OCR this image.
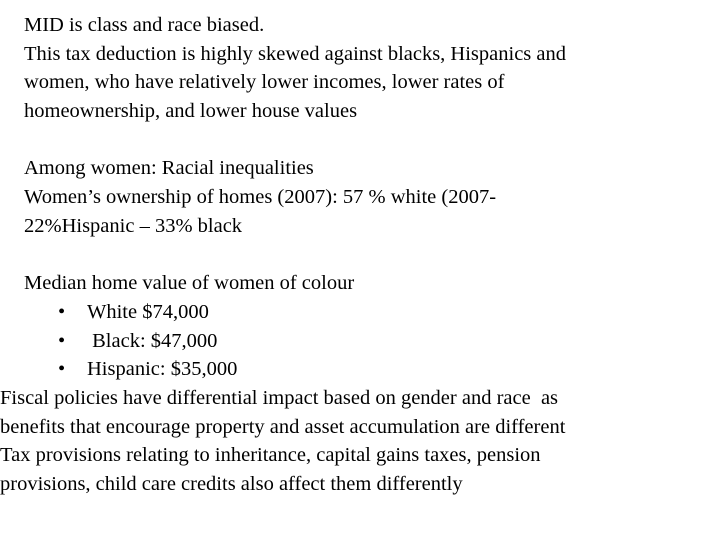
MID is class and race biased.
This tax deduction is highly skewed against blacks, Hispanics and
women, who have relatively lower incomes, lower rates of
homeownership, and lower house values
Among women: Racial inequalities
Women’s ownership of homes (2007): 57 % white (2007-
22%Hispanic – 33% black
Median home value of women of colour
• White $74,000
• Black: $47,000
• Hispanic: $35,000
Fiscal policies have differential impact based on gender and race  as
benefits that encourage property and asset accumulation are different
Tax provisions relating to inheritance, capital gains taxes, pension
provisions, child care credits also affect them differently
